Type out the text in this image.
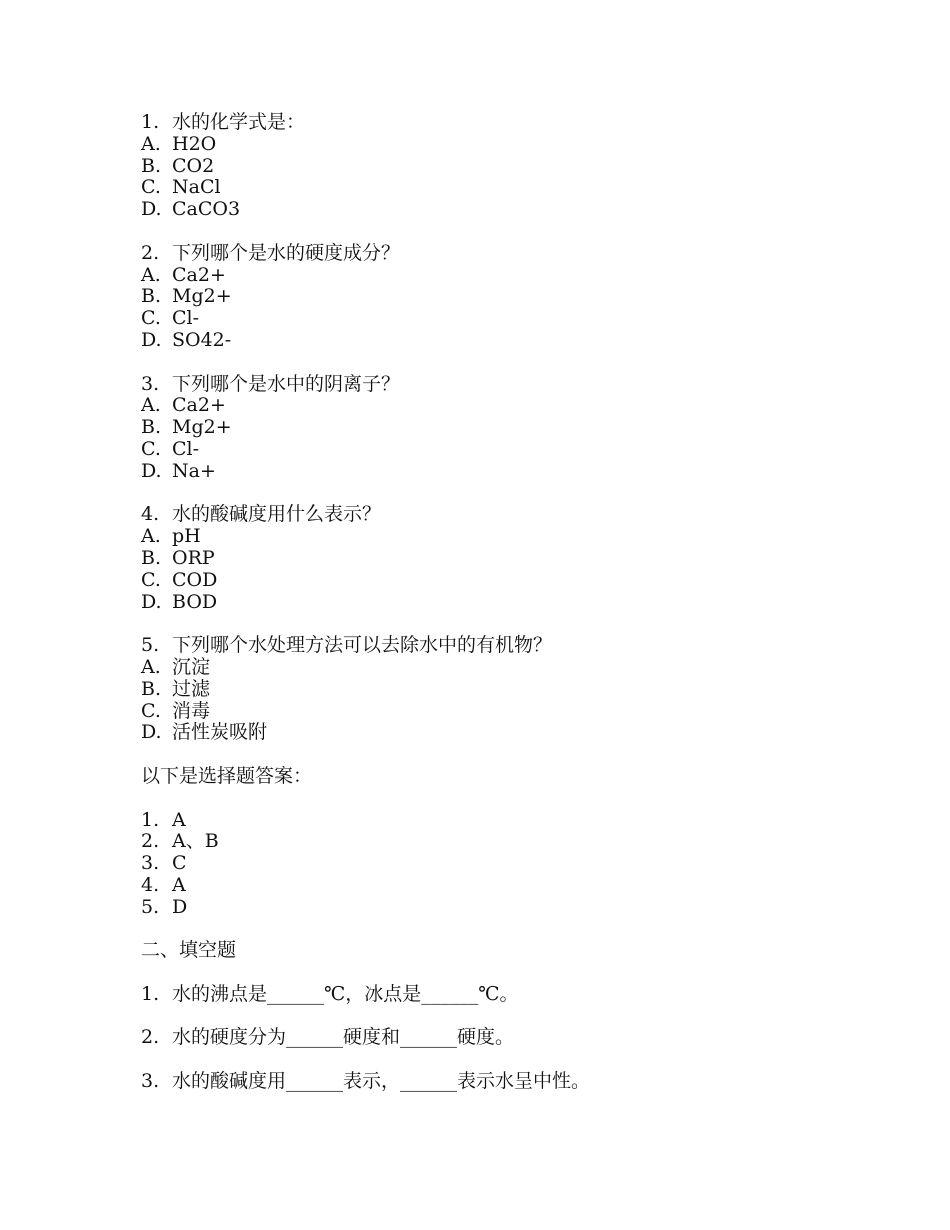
1. 水的化学式是：
A. H2O
B. CO2
C. NaCl
D. CaCO3
2. 下列哪个是水的硬度成分？
A. Ca2+
B. Mg2+
C. Cl-
D. SO42-
3. 下列哪个是水中的阴离子？
A. Ca2+
B. Mg2+
C. Cl-
D. Na+
4. 水的酸碱度用什么表示？
A. pH
B. ORP
C. COD
D. BOD
5. 下列哪个水处理方法可以去除水中的有机物？
A. 沉淀
B. 过滤
C. 消毒
D. 活性炭吸附
以下是选择题答案：
1. A
2. A、B
3. C
4. A
5. D
二、填空题
1. 水的沸点是______℃，冰点是______℃。
2. 水的硬度分为______硬度和______硬度。
3. 水的酸碱度用______表示，______表示水呈中性。
